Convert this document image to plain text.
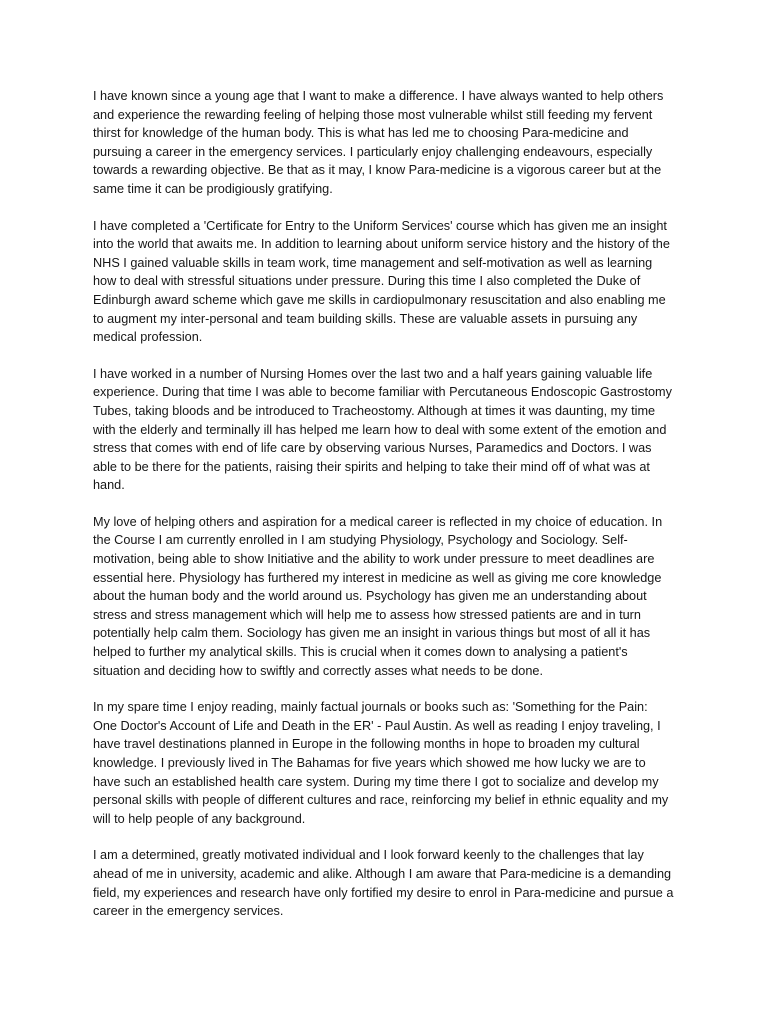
I have known since a young age that I want to make a difference. I have always wanted to help others and experience the rewarding feeling of helping those most vulnerable whilst still feeding my fervent thirst for knowledge of the human body. This is what has led me to choosing Para-medicine and pursuing a career in the emergency services. I particularly enjoy challenging endeavours, especially towards a rewarding objective. Be that as it may, I know Para-medicine is a vigorous career but at the same time it can be prodigiously gratifying.

I have completed a 'Certificate for Entry to the Uniform Services' course which has given me an insight into the world that awaits me. In addition to learning about uniform service history and the history of the NHS I gained valuable skills in team work, time management and self-motivation as well as learning how to deal with stressful situations under pressure. During this time I also completed the Duke of Edinburgh award scheme which gave me skills in cardiopulmonary resuscitation and also enabling me to augment my inter-personal and team building skills. These are valuable assets in pursuing any medical profession.

I have worked in a number of Nursing Homes over the last two and a half years gaining valuable life experience. During that time I was able to become familiar with Percutaneous Endoscopic Gastrostomy Tubes, taking bloods and be introduced to Tracheostomy. Although at times it was daunting, my time with the elderly and terminally ill has helped me learn how to deal with some extent of the emotion and stress that comes with end of life care by observing various Nurses, Paramedics and Doctors. I was able to be there for the patients, raising their spirits and helping to take their mind off of what was at hand.

My love of helping others and aspiration for a medical career is reflected in my choice of education. In the Course I am currently enrolled in I am studying Physiology, Psychology and Sociology. Self-motivation, being able to show Initiative and the ability to work under pressure to meet deadlines are essential here. Physiology has furthered my interest in medicine as well as giving me core knowledge about the human body and the world around us. Psychology has given me an understanding about stress and stress management which will help me to assess how stressed patients are and in turn potentially help calm them. Sociology has given me an insight in various things but most of all it has helped to further my analytical skills. This is crucial when it comes down to analysing a patient's situation and deciding how to swiftly and correctly asses what needs to be done.

In my spare time I enjoy reading, mainly factual journals or books such as: 'Something for the Pain: One Doctor's Account of Life and Death in the ER' - Paul Austin. As well as reading I enjoy traveling, I have travel destinations planned in Europe in the following months in hope to broaden my cultural knowledge. I previously lived in The Bahamas for five years which showed me how lucky we are to have such an established health care system. During my time there I got to socialize and develop my personal skills with people of different cultures and race, reinforcing my belief in ethnic equality and my will to help people of any background.

I am a determined, greatly motivated individual and I look forward keenly to the challenges that lay ahead of me in university, academic and alike. Although I am aware that Para-medicine is a demanding field, my experiences and research have only fortified my desire to enrol in Para-medicine and pursue a career in the emergency services.
